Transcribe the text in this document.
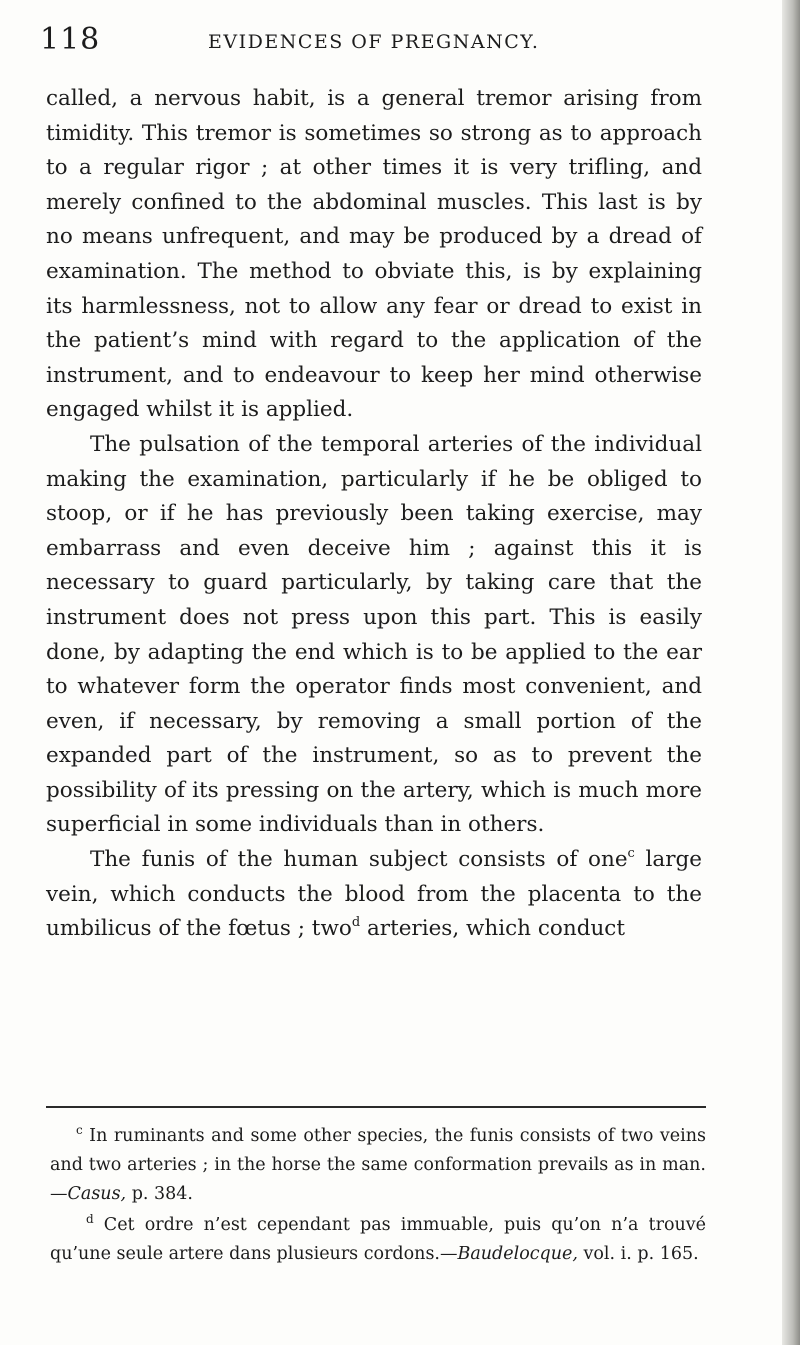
118	EVIDENCES OF PREGNANCY.

called, a nervous habit, is a general tremor arising from timidity. This tremor is sometimes so strong as to approach to a regular rigor ; at other times it is very trifling, and merely confined to the abdominal muscles. This last is by no means unfrequent, and may be produced by a dread of examination. The method to obviate this, is by explaining its harmlessness, not to allow any fear or dread to exist in the patient’s mind with regard to the application of the instrument, and to endeavour to keep her mind otherwise engaged whilst it is applied.

The pulsation of the temporal arteries of the individual making the examination, particularly if he be obliged to stoop, or if he has previously been taking exercise, may embarrass and even deceive him ; against this it is necessary to guard particularly, by taking care that the instrument does not press upon this part. This is easily done, by adapting the end which is to be applied to the ear to whatever form the operator finds most convenient, and even, if necessary, by removing a small portion of the expanded part of the instrument, so as to prevent the possibility of its pressing on the artery, which is much more superficial in some individuals than in others.

The funis of the human subject consists of one$^c$ large vein, which conducts the blood from the placenta to the umbilicus of the fœtus ; two$^d$ arteries, which conduct

$^c$ In ruminants and some other species, the funis consists of two veins and two arteries ; in the horse the same conformation prevails as in man.—Casus, p. 384.

$^d$ Cet ordre n’est cependant pas immuable, puis qu’on n’a trouvé qu’une seule artere dans plusieurs cordons.—Baudelocque, vol. i. p. 165.
